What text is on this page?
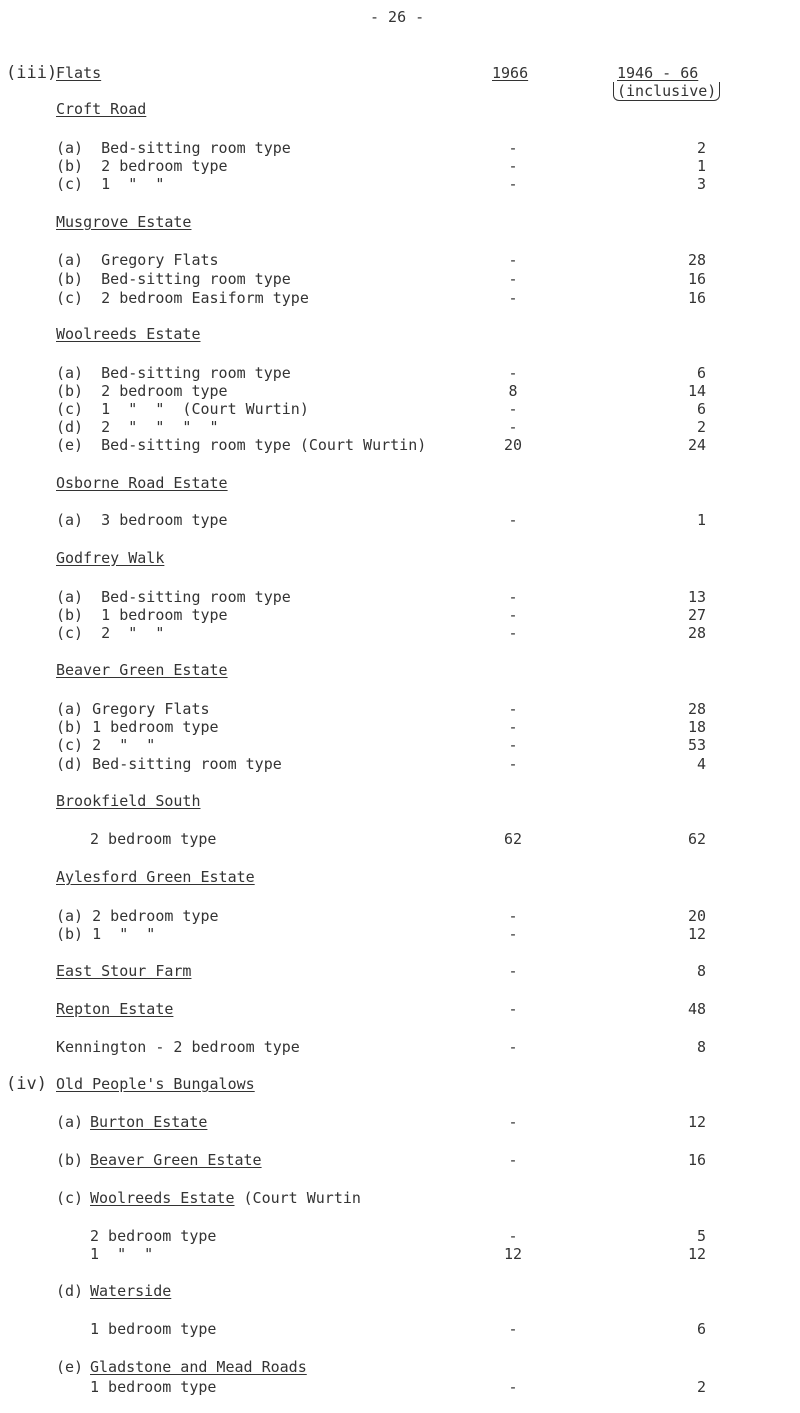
- 26 -
(iii)
Flats	1966	1946 - 66
(inclusive)
Croft Road
(a)  Bed-sitting room type	-	2
(b)  2 bedroom type	-	1
(c)  1  "  "	-	3
Musgrove Estate
(a)  Gregory Flats	-	28
(b)  Bed-sitting room type	-	16
(c)  2 bedroom Easiform type	-	16
Woolreeds Estate
(a)  Bed-sitting room type	-	6
(b)  2 bedroom type	8	14
(c)  1  "  "  (Court Wurtin)	-	6
(d)  2  "  "  "  "	-	2
(e)  Bed-sitting room type (Court Wurtin)	20	24
Osborne Road Estate
(a)  3 bedroom type	-	1
Godfrey Walk
(a)  Bed-sitting room type	-	13
(b)  1 bedroom type	-	27
(c)  2  "  "	-	28
Beaver Green Estate
(a) Gregory Flats	-	28
(b) 1 bedroom type	-	18
(c) 2  "  "	-	53
(d) Bed-sitting room type	-	4
Brookfield South
2 bedroom type	62	62
Aylesford Green Estate
(a) 2 bedroom type	-	20
(b) 1  "  "	-	12
East Stour Farm	-	8
Repton Estate	-	48
Kennington - 2 bedroom type	-	8
(iv) Old People's Bungalows
(a) Burton Estate	-	12
(b) Beaver Green Estate	-	16
(c) Woolreeds Estate (Court Wurtin
2 bedroom type	-	5
1  "  "	12	12
(d) Waterside
1 bedroom type	-	6
(e) Gladstone and Mead Roads
1 bedroom type	-	2
